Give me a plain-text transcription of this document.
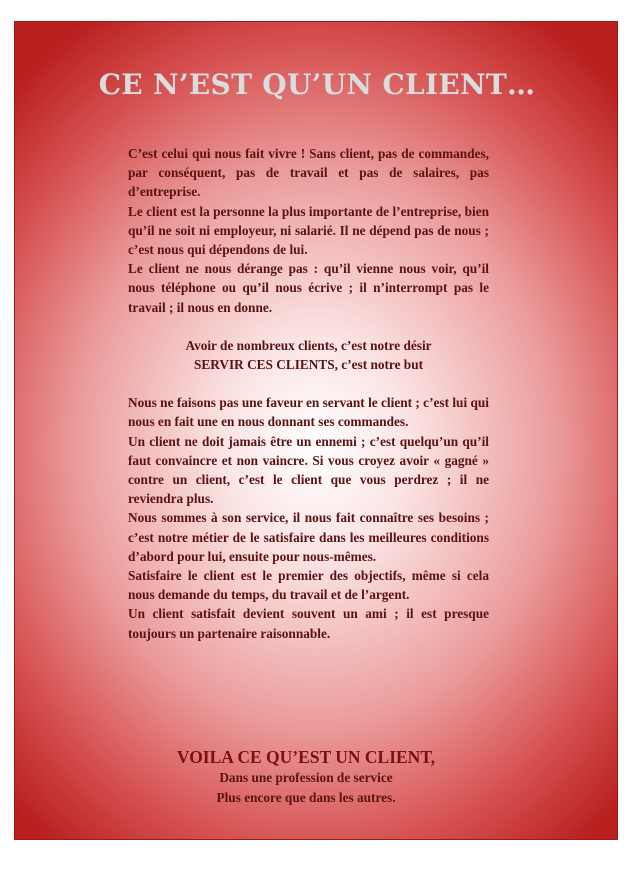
CE N’EST QU’UN CLIENT…

C’est celui qui nous fait vivre ! Sans client, pas de commandes, par conséquent, pas de travail et pas de salaires, pas d’entreprise.

Le client est la personne la plus importante de l’entreprise, bien qu’il ne soit ni employeur, ni salarié. Il ne dépend pas de nous ; c’est nous qui dépendons de lui.

Le client ne nous dérange pas : qu’il vienne nous voir, qu’il nous téléphone ou qu’il nous écrive ; il n’interrompt pas le travail ; il nous en donne.

Avoir de nombreux clients, c’est notre désir

SERVIR CES CLIENTS, c’est notre but

Nous ne faisons pas une faveur en servant le client ; c’est lui qui nous en fait une en nous donnant ses commandes.

Un client ne doit jamais être un ennemi ; c’est quelqu’un qu’il faut convaincre et non vaincre. Si vous croyez avoir « gagné » contre un client, c’est le client que vous perdrez ; il ne reviendra plus.

Nous sommes à son service, il nous fait connaître ses besoins ; c’est notre métier de le satisfaire dans les meilleures conditions d’abord pour lui, ensuite pour nous-mêmes.

Satisfaire le client est le premier des objectifs, même si cela nous demande du temps, du travail et de l’argent.

Un client satisfait devient souvent un ami ; il est presque toujours un partenaire raisonnable.

VOILA CE QU’EST UN CLIENT,

Dans une profession de service

Plus encore que dans les autres.
